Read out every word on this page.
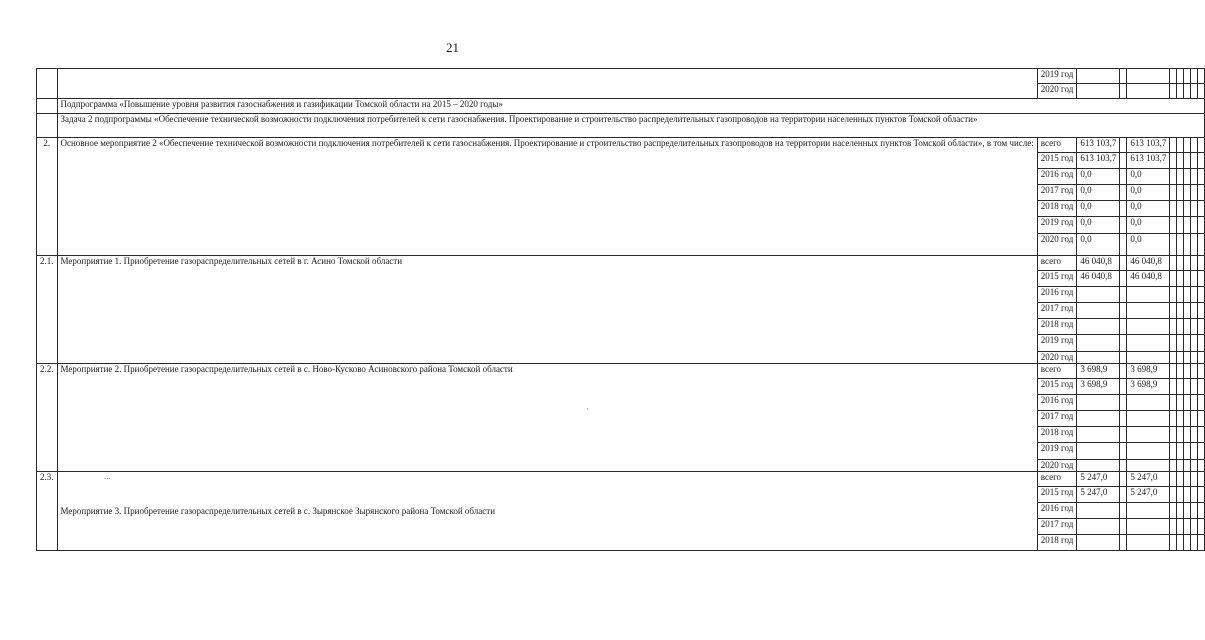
21
		2019 год								
		2020 год								
	Подпрограмма «Повышение уровня развития газоснабжения и газификации Томской области на 2015 – 2020 годы»									
	Задача 2 подпрограммы «Обеспечение технической возможности подключения потребителей к сети газоснабжения. Проектирование и строительство распределительных газопроводов на территории населенных пунктов Томской области»									
2.	Основное мероприятие 2 «Обеспечение технической возможности подключения потребителей к сети газоснабжения. Проектирование и строительство распределительных газопроводов на территории населенных пунктов Томской области», в том числе:	всего	613 103,7		613 103,7					
		2015 год	613 103,7		613 103,7					
		2016 год	0,0		0,0					
		2017 год	0,0		0,0					
		2018 год	0,0		0,0					
		2019 год	0,0		0,0					
		2020 год	0,0		0,0					
2.1.	Мероприятие 1. Приобретение газораспределительных сетей в г. Асино Томской области	всего	46 040,8		46 040,8					
		2015 год	46 040,8		46 040,8					
		2016 год								
		2017 год								
		2018 год								
		2019 год								
		2020 год								
2.2.	Мероприятие 2. Приобретение газораспределительных сетей в с. Ново-Кусково Асиновского района Томской области	всего	3 698,9		3 698,9					
		2015 год	3 698,9		3 698,9					
		2016 год								
		2017 год								
		2018 год								
		2019 год								
		2020 год								
2.3.	Мероприятие 3. Приобретение газораспределительных сетей в с. Зырянское Зырянского района Томской области	всего	5 247,0		5 247,0					
		2015 год	5 247,0		5 247,0					
		2016 год								
		2017 год								
		2018 год								
...
·
